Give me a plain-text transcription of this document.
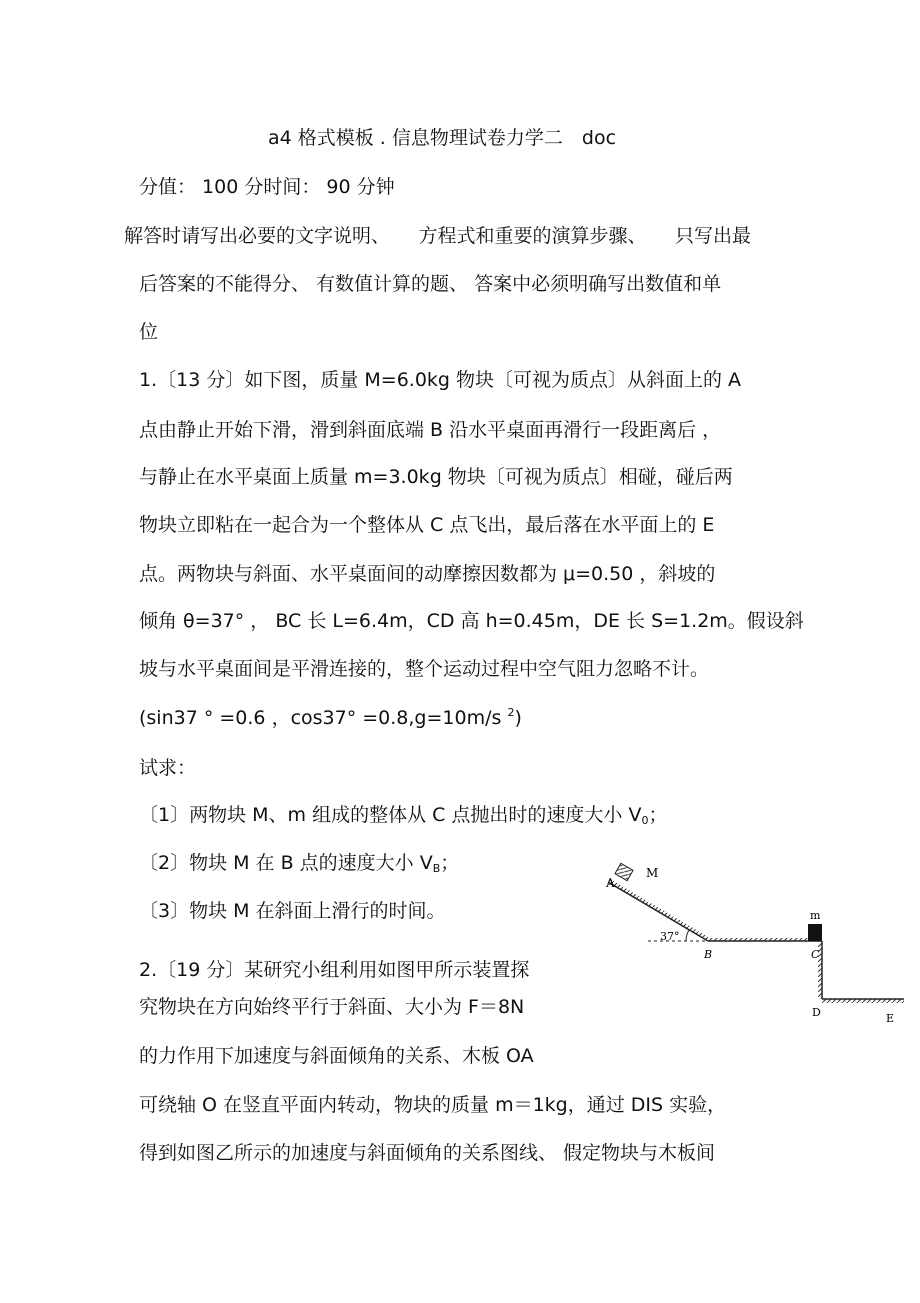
a4 格式模板 . 信息物理试卷力学二　doc
分值： 100 分时间： 90 分钟
解答时请写出必要的文字说明、　　方程式和重要的演算步骤、　　只写出最
后答案的不能得分、 有数值计算的题、 答案中必须明确写出数值和单
位
1.〔13 分〕如下图，质量 M=6.0kg 物块〔可视为质点〕从斜面上的 A
点由静止开始下滑，滑到斜面底端 B 沿水平桌面再滑行一段距离后 ，
与静止在水平桌面上质量 m=3.0kg 物块〔可视为质点〕相碰，碰后两
物块立即粘在一起合为一个整体从 C 点飞出，最后落在水平面上的 E
点。两物块与斜面、水平桌面间的动摩擦因数都为 μ=0.50 ，斜坡的
倾角 θ=37° ， BC 长 L=6.4m，CD 高 h=0.45m，DE 长 S=1.2m。假设斜
坡与水平桌面间是平滑连接的，整个运动过程中空气阻力忽略不计。
(sin37 ° =0.6 ，cos37° =0.8,g=10m/s $^2$)
试求：
〔1〕两物块 M、m 组成的整体从 C 点抛出时的速度大小 V0；
〔2〕物块 M 在 B 点的速度大小 VB；
〔3〕物块 M 在斜面上滑行的时间。
2.〔19 分〕某研究小组利用如图甲所示装置探
究物块在方向始终平行于斜面、大小为 F＝8N
的力作用下加速度与斜面倾角的关系、木板 OA
可绕轴 O 在竖直平面内转动，物块的质量 m＝1kg，通过 DIS 实验，
得到如图乙所示的加速度与斜面倾角的关系图线、 假定物块与木板间
A
M
37°
B
m
C
D	E
